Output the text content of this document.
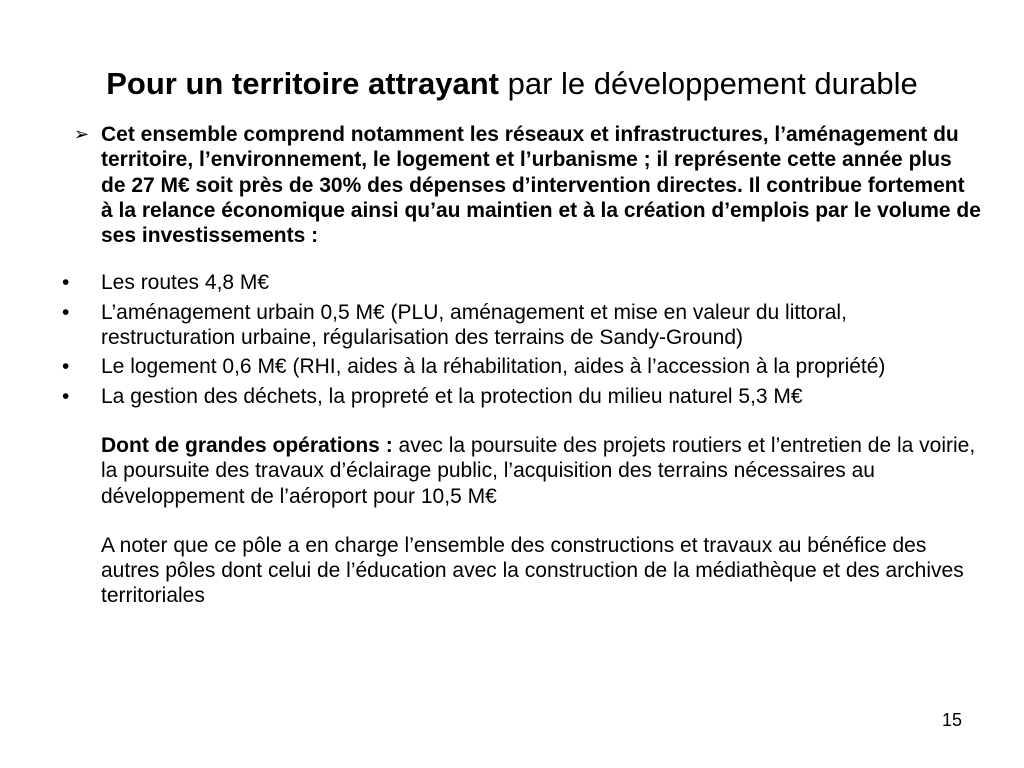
Pour un territoire attrayant par le développement durable
➢ Cet ensemble comprend notamment les réseaux et infrastructures, l’aménagement du territoire, l’environnement, le logement et l’urbanisme ; il représente cette année plus de 27 M€ soit près de 30% des dépenses d’intervention directes. Il contribue fortement à la relance économique ainsi qu’au maintien et à la création d’emplois par le volume de ses investissements :
• Les routes 4,8 M€
• L’aménagement urbain 0,5 M€ (PLU, aménagement et mise en valeur du littoral, restructuration urbaine, régularisation des terrains de Sandy-Ground)
• Le logement 0,6 M€ (RHI, aides à la réhabilitation, aides à l’accession à la propriété)
• La gestion des déchets, la propreté et la protection du milieu naturel 5,3 M€
Dont de grandes opérations : avec la poursuite des projets routiers et l’entretien de la voirie, la poursuite des travaux d’éclairage public, l’acquisition des terrains nécessaires au développement de l’aéroport pour 10,5 M€
A noter que ce pôle a en charge l’ensemble des constructions et travaux au bénéfice des autres pôles dont celui de l’éducation avec la construction de la médiathèque et des archives territoriales
15
